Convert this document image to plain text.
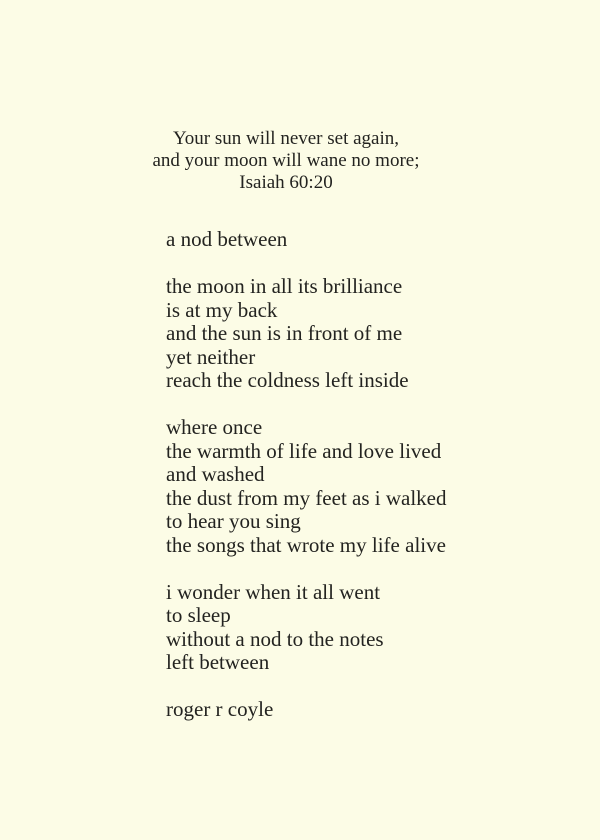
Your sun will never set again,
and your moon will wane no more;
Isaiah 60:20
a nod between
the moon in all its brilliance
is at my back
and the sun is in front of me
yet neither
reach the coldness left inside
where once
the warmth of life and love lived
and washed
the dust from my feet as i walked
to hear you sing
the songs that wrote my life alive
i wonder when it all went
to sleep
without a nod to the notes
left between
roger r coyle
